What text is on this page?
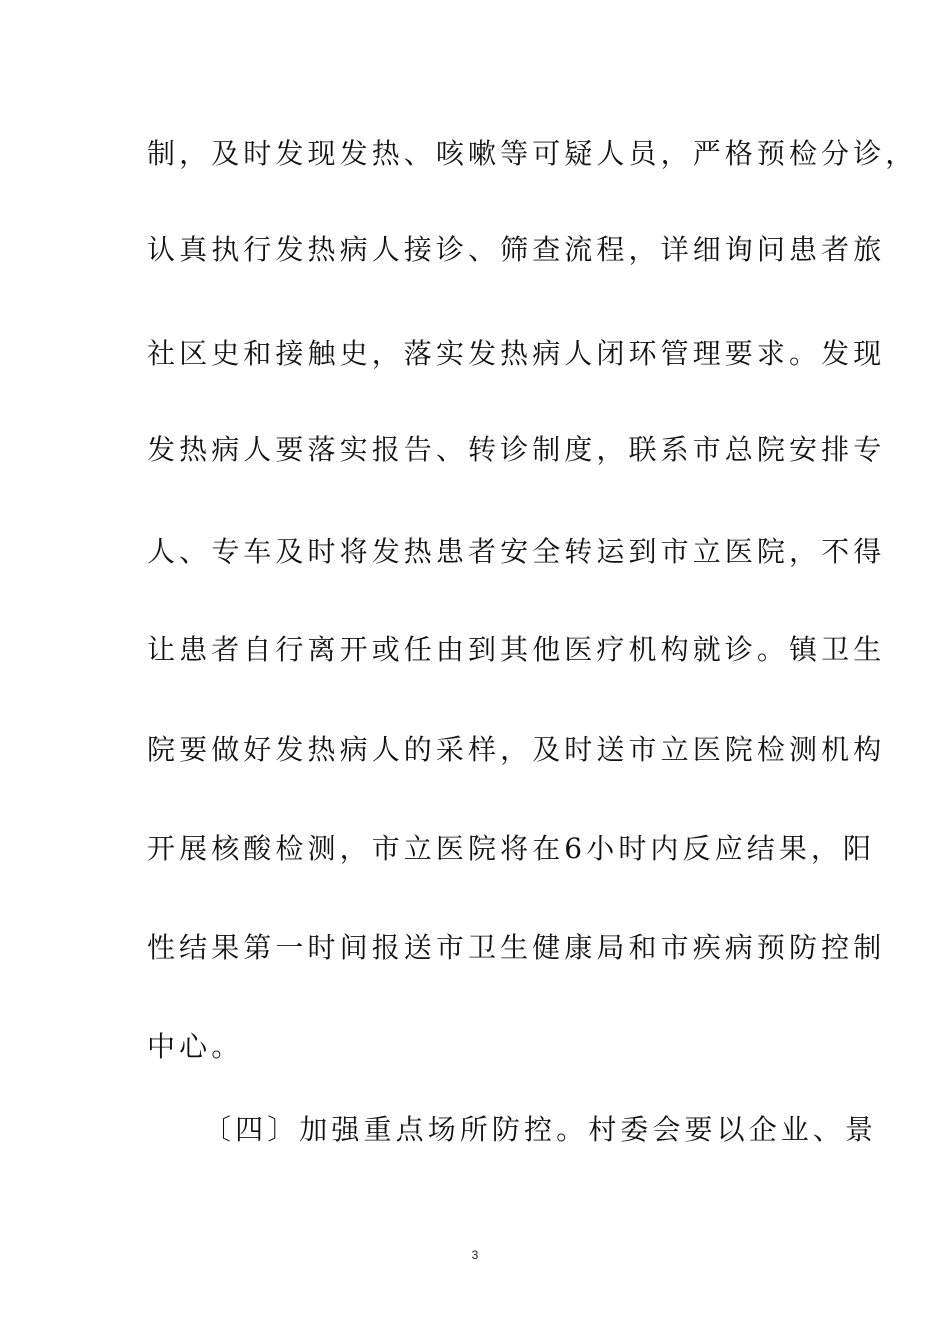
制，及时发现发热、咳嗽等可疑人员，严格预检分诊，
认真执行发热病人接诊、筛查流程，详细询问患者旅
社区史和接触史，落实发热病人闭环管理要求。发现
发热病人要落实报告、转诊制度，联系市总院安排专
人、专车及时将发热患者安全转运到市立医院，不得
让患者自行离开或任由到其他医疗机构就诊。镇卫生
院要做好发热病人的采样，及时送市立医院检测机构
开展核酸检测，市立医院将在6小时内反应结果，阳
性结果第一时间报送市卫生健康局和市疾病预防控制
中心。
〔四〕加强重点场所防控。村委会要以企业、景
3
